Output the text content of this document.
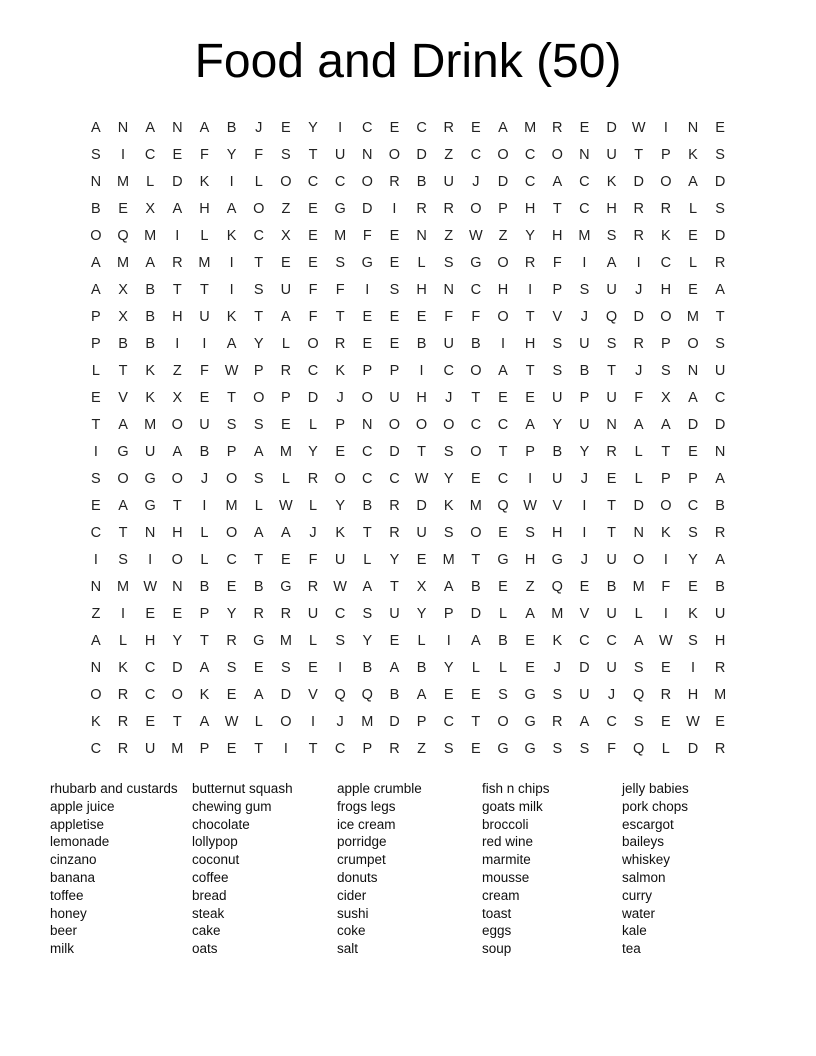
Food and Drink (50)
A	N	A	N	A	B	J	E	Y	I	C	E	C	R	E	A	M	R	E	D	W	I	N	E
S	I	C	E	F	Y	F	S	T	U	N	O	D	Z	C	O	C	O	N	U	T	P	K	S
N	M	L	D	K	I	L	O	C	C	O	R	B	U	J	D	C	A	C	K	D	O	A	D
B	E	X	A	H	A	O	Z	E	G	D	I	R	R	O	P	H	T	C	H	R	R	L	S
O	Q	M	I	L	K	C	X	E	M	F	E	N	Z	W	Z	Y	H	M	S	R	K	E	D
A	M	A	R	M	I	T	E	E	S	G	E	L	S	G	O	R	F	I	A	I	C	L	R
A	X	B	T	T	I	S	U	F	F	I	S	H	N	C	H	I	P	S	U	J	H	E	A
P	X	B	H	U	K	T	A	F	T	E	E	E	F	F	O	T	V	J	Q	D	O	M	T
P	B	B	I	I	A	Y	L	O	R	E	E	B	U	B	I	H	S	U	S	R	P	O	S
L	T	K	Z	F	W	P	R	C	K	P	P	I	C	O	A	T	S	B	T	J	S	N	U
E	V	K	X	E	T	O	P	D	J	O	U	H	J	T	E	E	U	P	U	F	X	A	C
T	A	M	O	U	S	S	E	L	P	N	O	O	O	C	C	A	Y	U	N	A	A	D	D
I	G	U	A	B	P	A	M	Y	E	C	D	T	S	O	T	P	B	Y	R	L	T	E	N
S	O	G	O	J	O	S	L	R	O	C	C	W	Y	E	C	I	U	J	E	L	P	P	A
E	A	G	T	I	M	L	W	L	Y	B	R	D	K	M	Q	W	V	I	T	D	O	C	B
C	T	N	H	L	O	A	A	J	K	T	R	U	S	O	E	S	H	I	T	N	K	S	R
I	S	I	O	L	C	T	E	F	U	L	Y	E	M	T	G	H	G	J	U	O	I	Y	A
N	M W	N	B	E	B	G	R	W	A	T	X	A	B	E	Z	Q	E	B	M	F	E	B
Z	I	E	E	P	Y	R	R	U	C	S	U	Y	P	D	L	A	M	V	U	L	I	K	U
A	L	H	Y	T	R	G	M	L	S	Y	E	L	I	A	B	E	K	C	C	A	W	S	H
N	K	C	D	A	S	E	S	E	I	B	A	B	Y	L	L	E	J	D	U	S	E	I	R
O	R	C	O	K	E	A	D	V	Q	Q	B	A	E	E	S	G	S	U	J	Q	R	H	M
K	R	E	T	A	W	L	O	I	J	M	D	P	C	T	O	G	R	A	C	S	E	W	E
C	R	U	M	P	E	T	I	T	C	P	R	Z	S	E	G	G	S	S	F	Q	L	D	R
rhubarb and custards
apple juice
appletise
lemonade
cinzano
banana
toffee
honey
beer
milk
butternut squash
chewing gum
chocolate
lollypop
coconut
coffee
bread
steak
cake
oats
apple crumble
frogs legs
ice cream
porridge
crumpet
donuts
cider
sushi
coke
salt
fish n chips
goats milk
broccoli
red wine
marmite
mousse
cream
toast
eggs
soup
jelly babies
pork chops
escargot
baileys
whiskey
salmon
curry
water
kale
tea
